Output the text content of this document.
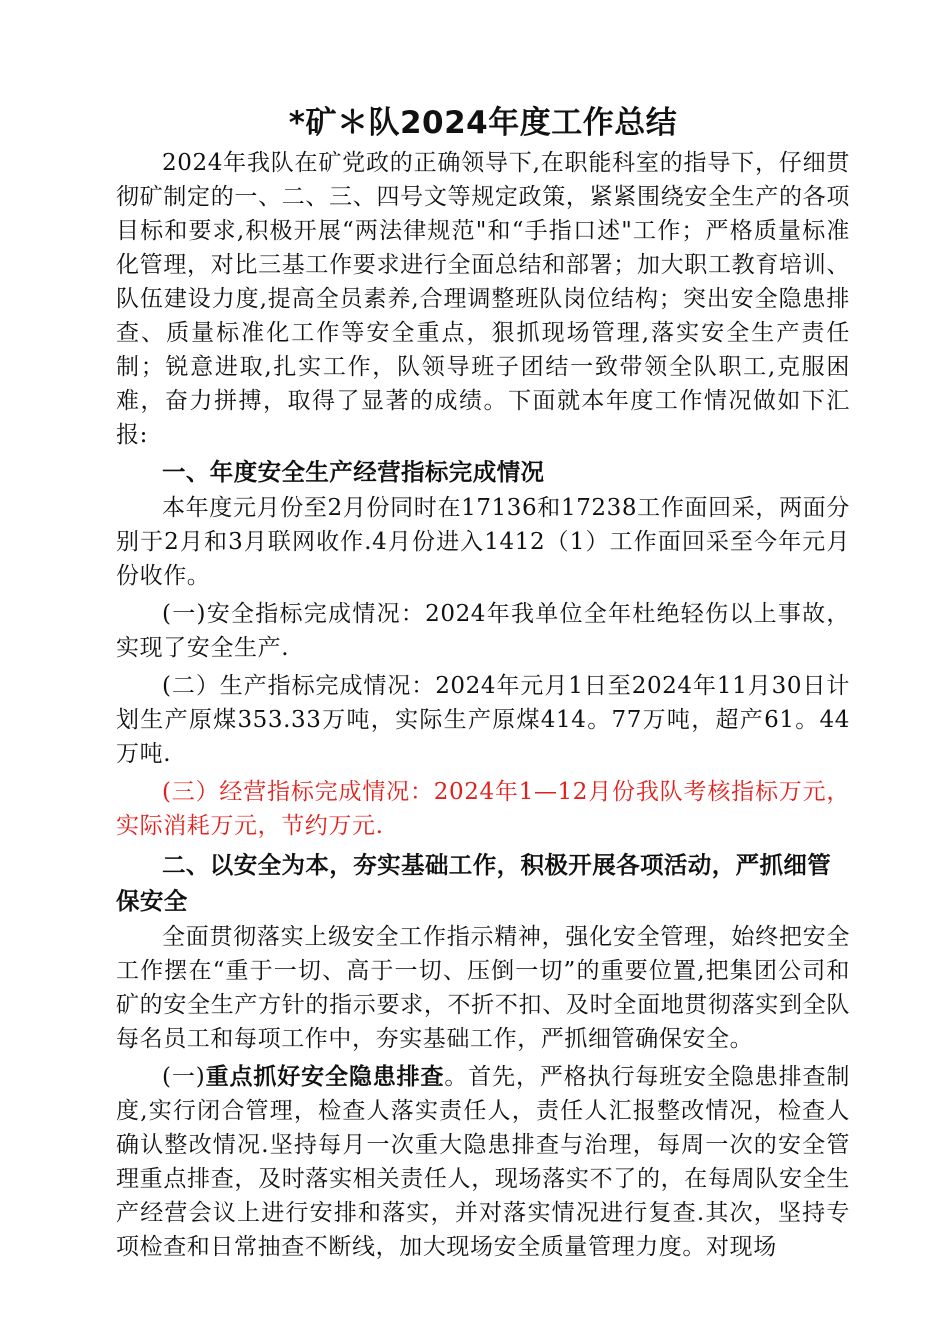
*矿＊队2024年度工作总结

2024年我队在矿党政的正确领导下,在职能科室的指导下，仔细贯彻矿制定的一、二、三、四号文等规定政策，紧紧围绕安全生产的各项目标和要求,积极开展“两法律规范"和“手指口述"工作；严格质量标准化管理，对比三基工作要求进行全面总结和部署；加大职工教育培训、队伍建设力度,提高全员素养,合理调整班队岗位结构；突出安全隐患排查、质量标准化工作等安全重点，狠抓现场管理,落实安全生产责任制；锐意进取,扎实工作，队领导班子团结一致带领全队职工,克服困难，奋力拼搏，取得了显著的成绩。下面就本年度工作情况做如下汇报:

一、年度安全生产经营指标完成情况

本年度元月份至2月份同时在17136和17238工作面回采，两面分别于2月和3月联网收作.4月份进入1412（1）工作面回采至今年元月份收作。

(一)安全指标完成情况：2024年我单位全年杜绝轻伤以上事故，实现了安全生产.

(二）生产指标完成情况：2024年元月1日至2024年11月30日计划生产原煤353.33万吨，实际生产原煤414。77万吨，超产61。44万吨.

(三）经营指标完成情况：2024年1—12月份我队考核指标万元，实际消耗万元，节约万元.

二、以安全为本，夯实基础工作，积极开展各项活动，严抓细管保安全

全面贯彻落实上级安全工作指示精神，强化安全管理，始终把安全工作摆在“重于一切、高于一切、压倒一切”的重要位置,把集团公司和矿的安全生产方针的指示要求，不折不扣、及时全面地贯彻落实到全队每名员工和每项工作中，夯实基础工作，严抓细管确保安全。

(一)重点抓好安全隐患排查。首先，严格执行每班安全隐患排查制度,实行闭合管理，检查人落实责任人，责任人汇报整改情况，检查人确认整改情况.坚持每月一次重大隐患排查与治理，每周一次的安全管理重点排查，及时落实相关责任人，现场落实不了的，在每周队安全生产经营会议上进行安排和落实，并对落实情况进行复查.其次，坚持专项检查和日常抽查不断线，加大现场安全质量管理力度。对现场
